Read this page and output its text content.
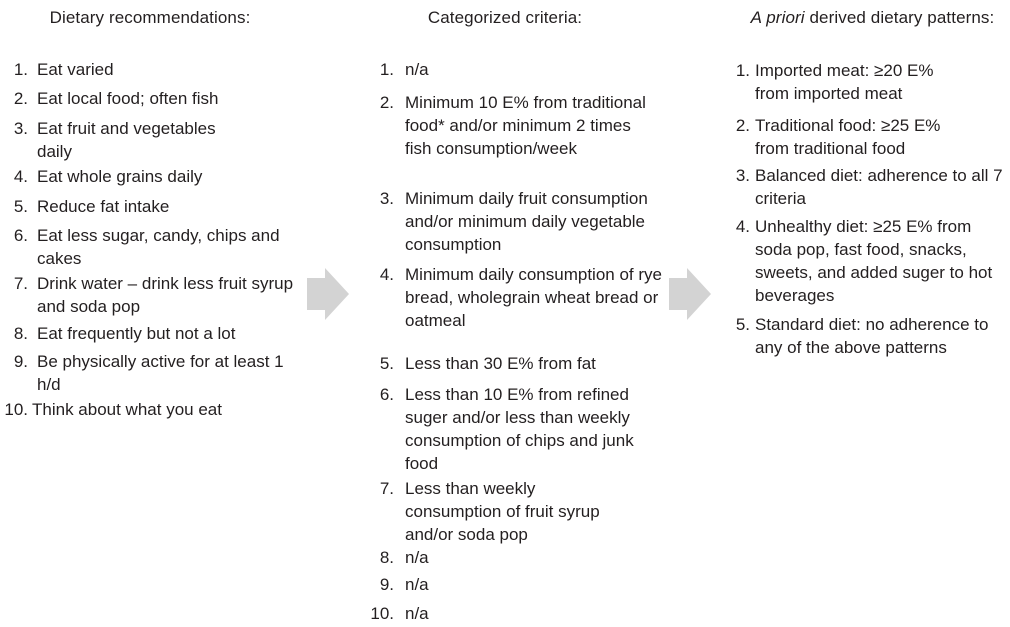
Dietary recommendations:
1. Eat varied
2. Eat local food; often fish
3. Eat fruit and vegetables daily
4. Eat whole grains daily
5. Reduce fat intake
6. Eat less sugar, candy, chips and cakes
7. Drink water – drink less fruit syrup and soda pop
8. Eat frequently but not a lot
9. Be physically active for at least 1 h/d
10. Think about what you eat
Categorized criteria:
1. n/a
2. Minimum 10 E% from traditional food* and/or minimum 2 times fish consumption/week
3. Minimum daily fruit consumption and/or minimum daily vegetable consumption
4. Minimum daily consumption of rye bread, wholegrain wheat bread or oatmeal
5. Less than 30 E% from fat
6. Less than 10 E% from refined suger and/or less than weekly consumption of chips and junk food
7. Less than weekly consumption of fruit syrup and/or soda pop
8. n/a
9. n/a
10. n/a
A priori derived dietary patterns:
1. Imported meat: ≥20 E% from imported meat
2. Traditional food: ≥25 E% from traditional food
3. Balanced diet: adherence to all 7 criteria
4. Unhealthy diet: ≥25 E% from soda pop, fast food, snacks, sweets, and added suger to hot beverages
5. Standard diet: no adherence to any of the above patterns
